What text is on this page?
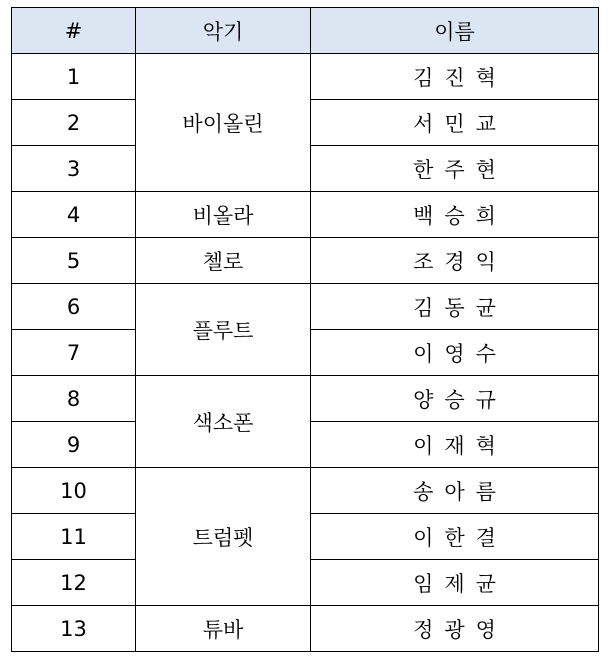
#	악기	이름
1	바이올린	김진혁
2		서민교
3		한주현
4	비올라	백승희
5	첼로	조경익
6	플루트	김동균
7		이영수
8	색소폰	양승규
9		이재혁
10	트럼펫	송아름
11		이한결
12		임제균
13	튜바	정광영
